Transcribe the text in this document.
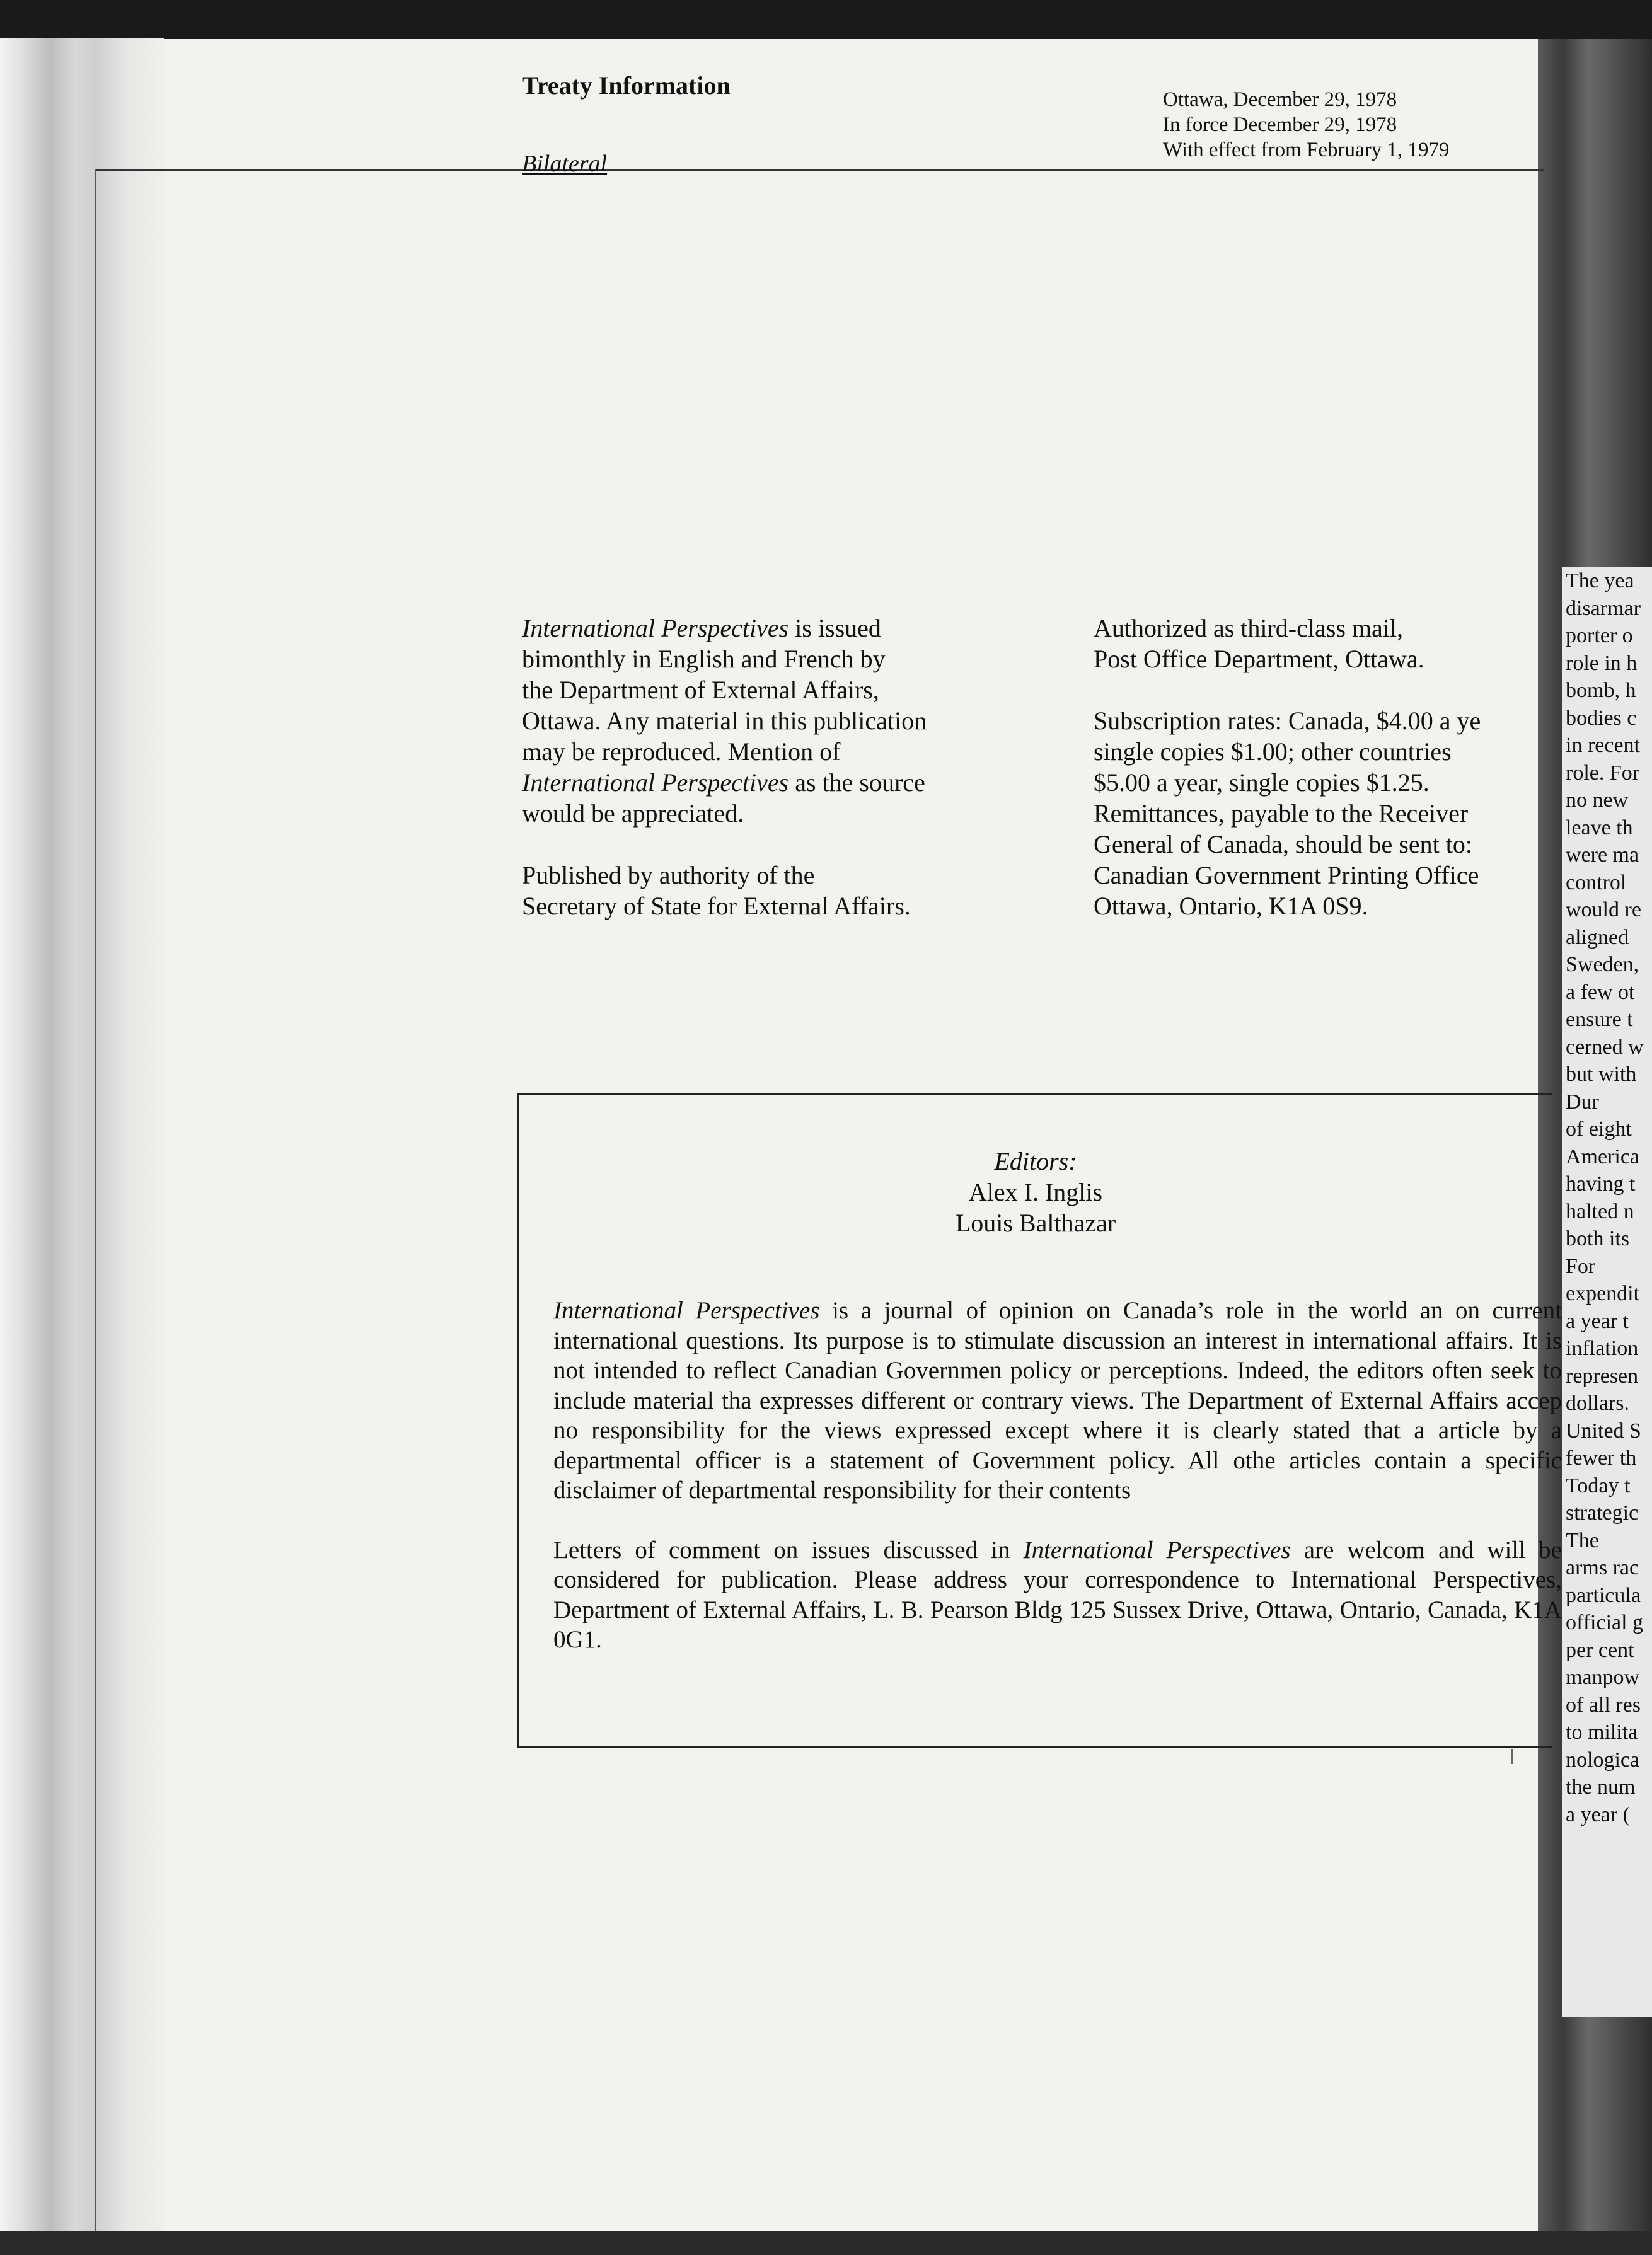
The yea
disarmar
porter o
role in h
bomb, h
bodies c
in recent
role. For
no new
leave th
were ma
control
would re
aligned
Sweden,
a few ot
ensure t
cerned w
but with
Dur
of eight
America
having t
halted n
both its
For
expendit
a year t
inflation
represen
dollars.
United S
fewer th
Today t
strategic
The
arms rac
particula
official g
per cent
manpow
of all res
to milita
nologica
the num
a year (
Treaty Information
Bilateral
Ottawa, December 29, 1978
In force December 29, 1978
With effect from February 1, 1979
International Perspectives is issued
bimonthly in English and French by
the Department of External Affairs,
Ottawa. Any material in this publication
may be reproduced. Mention of
International Perspectives as the source
would be appreciated.
Published by authority of the
Secretary of State for External Affairs.
Authorized as third-class mail,
Post Office Department, Ottawa.
Subscription rates: Canada, $4.00 a ye
single copies $1.00; other countries
$5.00 a year, single copies $1.25.
Remittances, payable to the Receiver
General of Canada, should be sent to:
Canadian Government Printing Office
Ottawa, Ontario, K1A 0S9.
Editors:
Alex I. Inglis
Louis Balthazar

International Perspectives is a journal of opinion on Canada’s role in the world an on current international questions. Its purpose is to stimulate discussion an interest in international affairs. It is not intended to reflect Canadian Governmen policy or perceptions. Indeed, the editors often seek to include material tha expresses different or contrary views. The Department of External Affairs accep no responsibility for the views expressed except where it is clearly stated that a article by a departmental officer is a statement of Government policy. All othe articles contain a specific disclaimer of departmental responsibility for their contents

Letters of comment on issues discussed in International Perspectives are welcom and will be considered for publication. Please address your correspondence to International Perspectives, Department of External Affairs, L. B. Pearson Bldg 125 Sussex Drive, Ottawa, Ontario, Canada, K1A 0G1.
